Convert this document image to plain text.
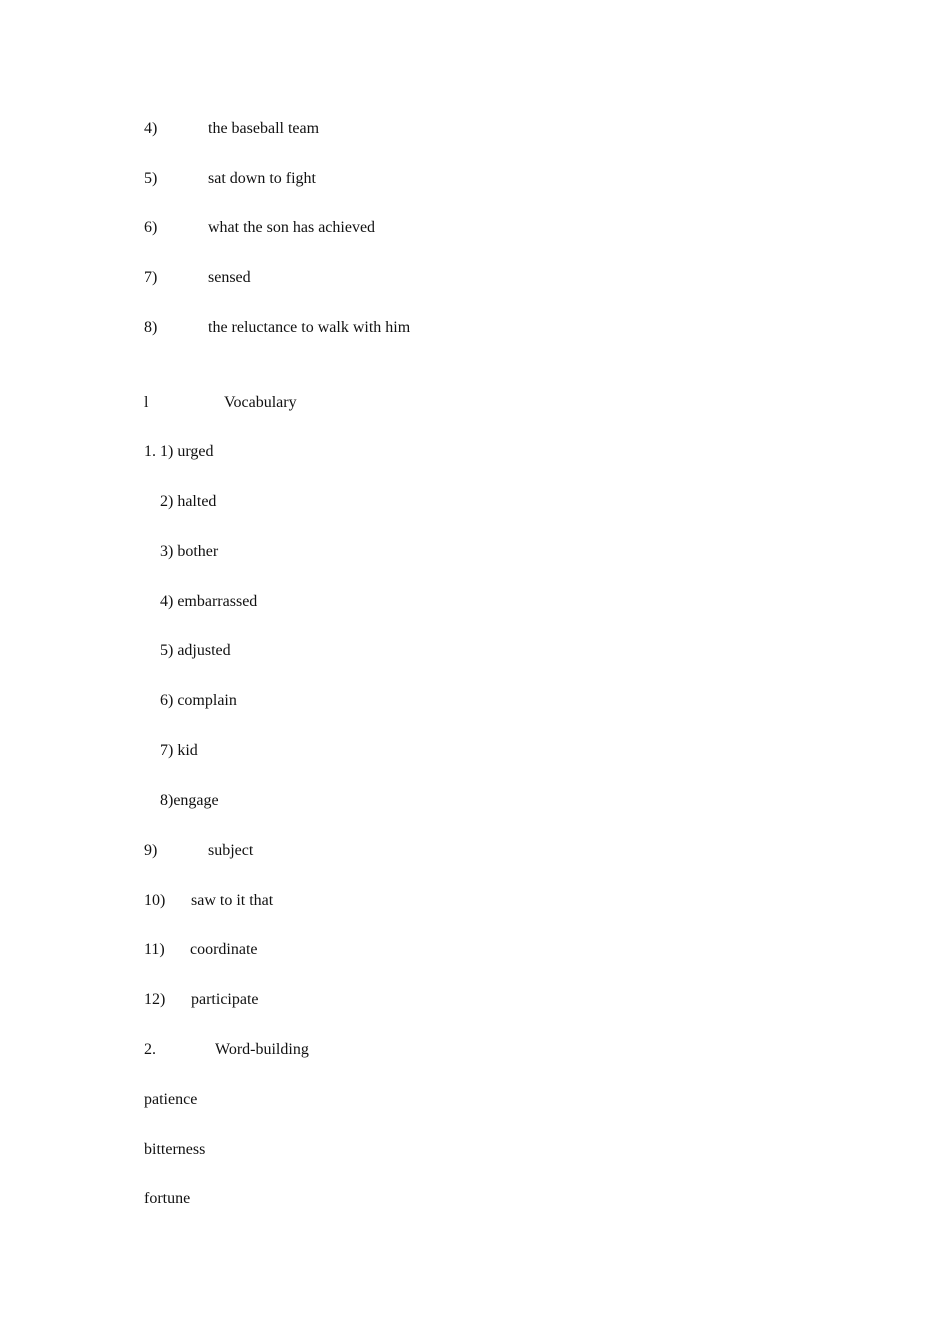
4)	the baseball team
5)	sat down to fight
6)	what the son has achieved
7)	sensed
8)	the reluctance to walk with him
l	Vocabulary
1. 1) urged
2) halted
3) bother
4) embarrassed
5) adjusted
6) complain
7) kid
8)engage
9)	subject
10) saw to it that
11) coordinate
12) participate
2.	Word-building
patience
bitterness
fortune
